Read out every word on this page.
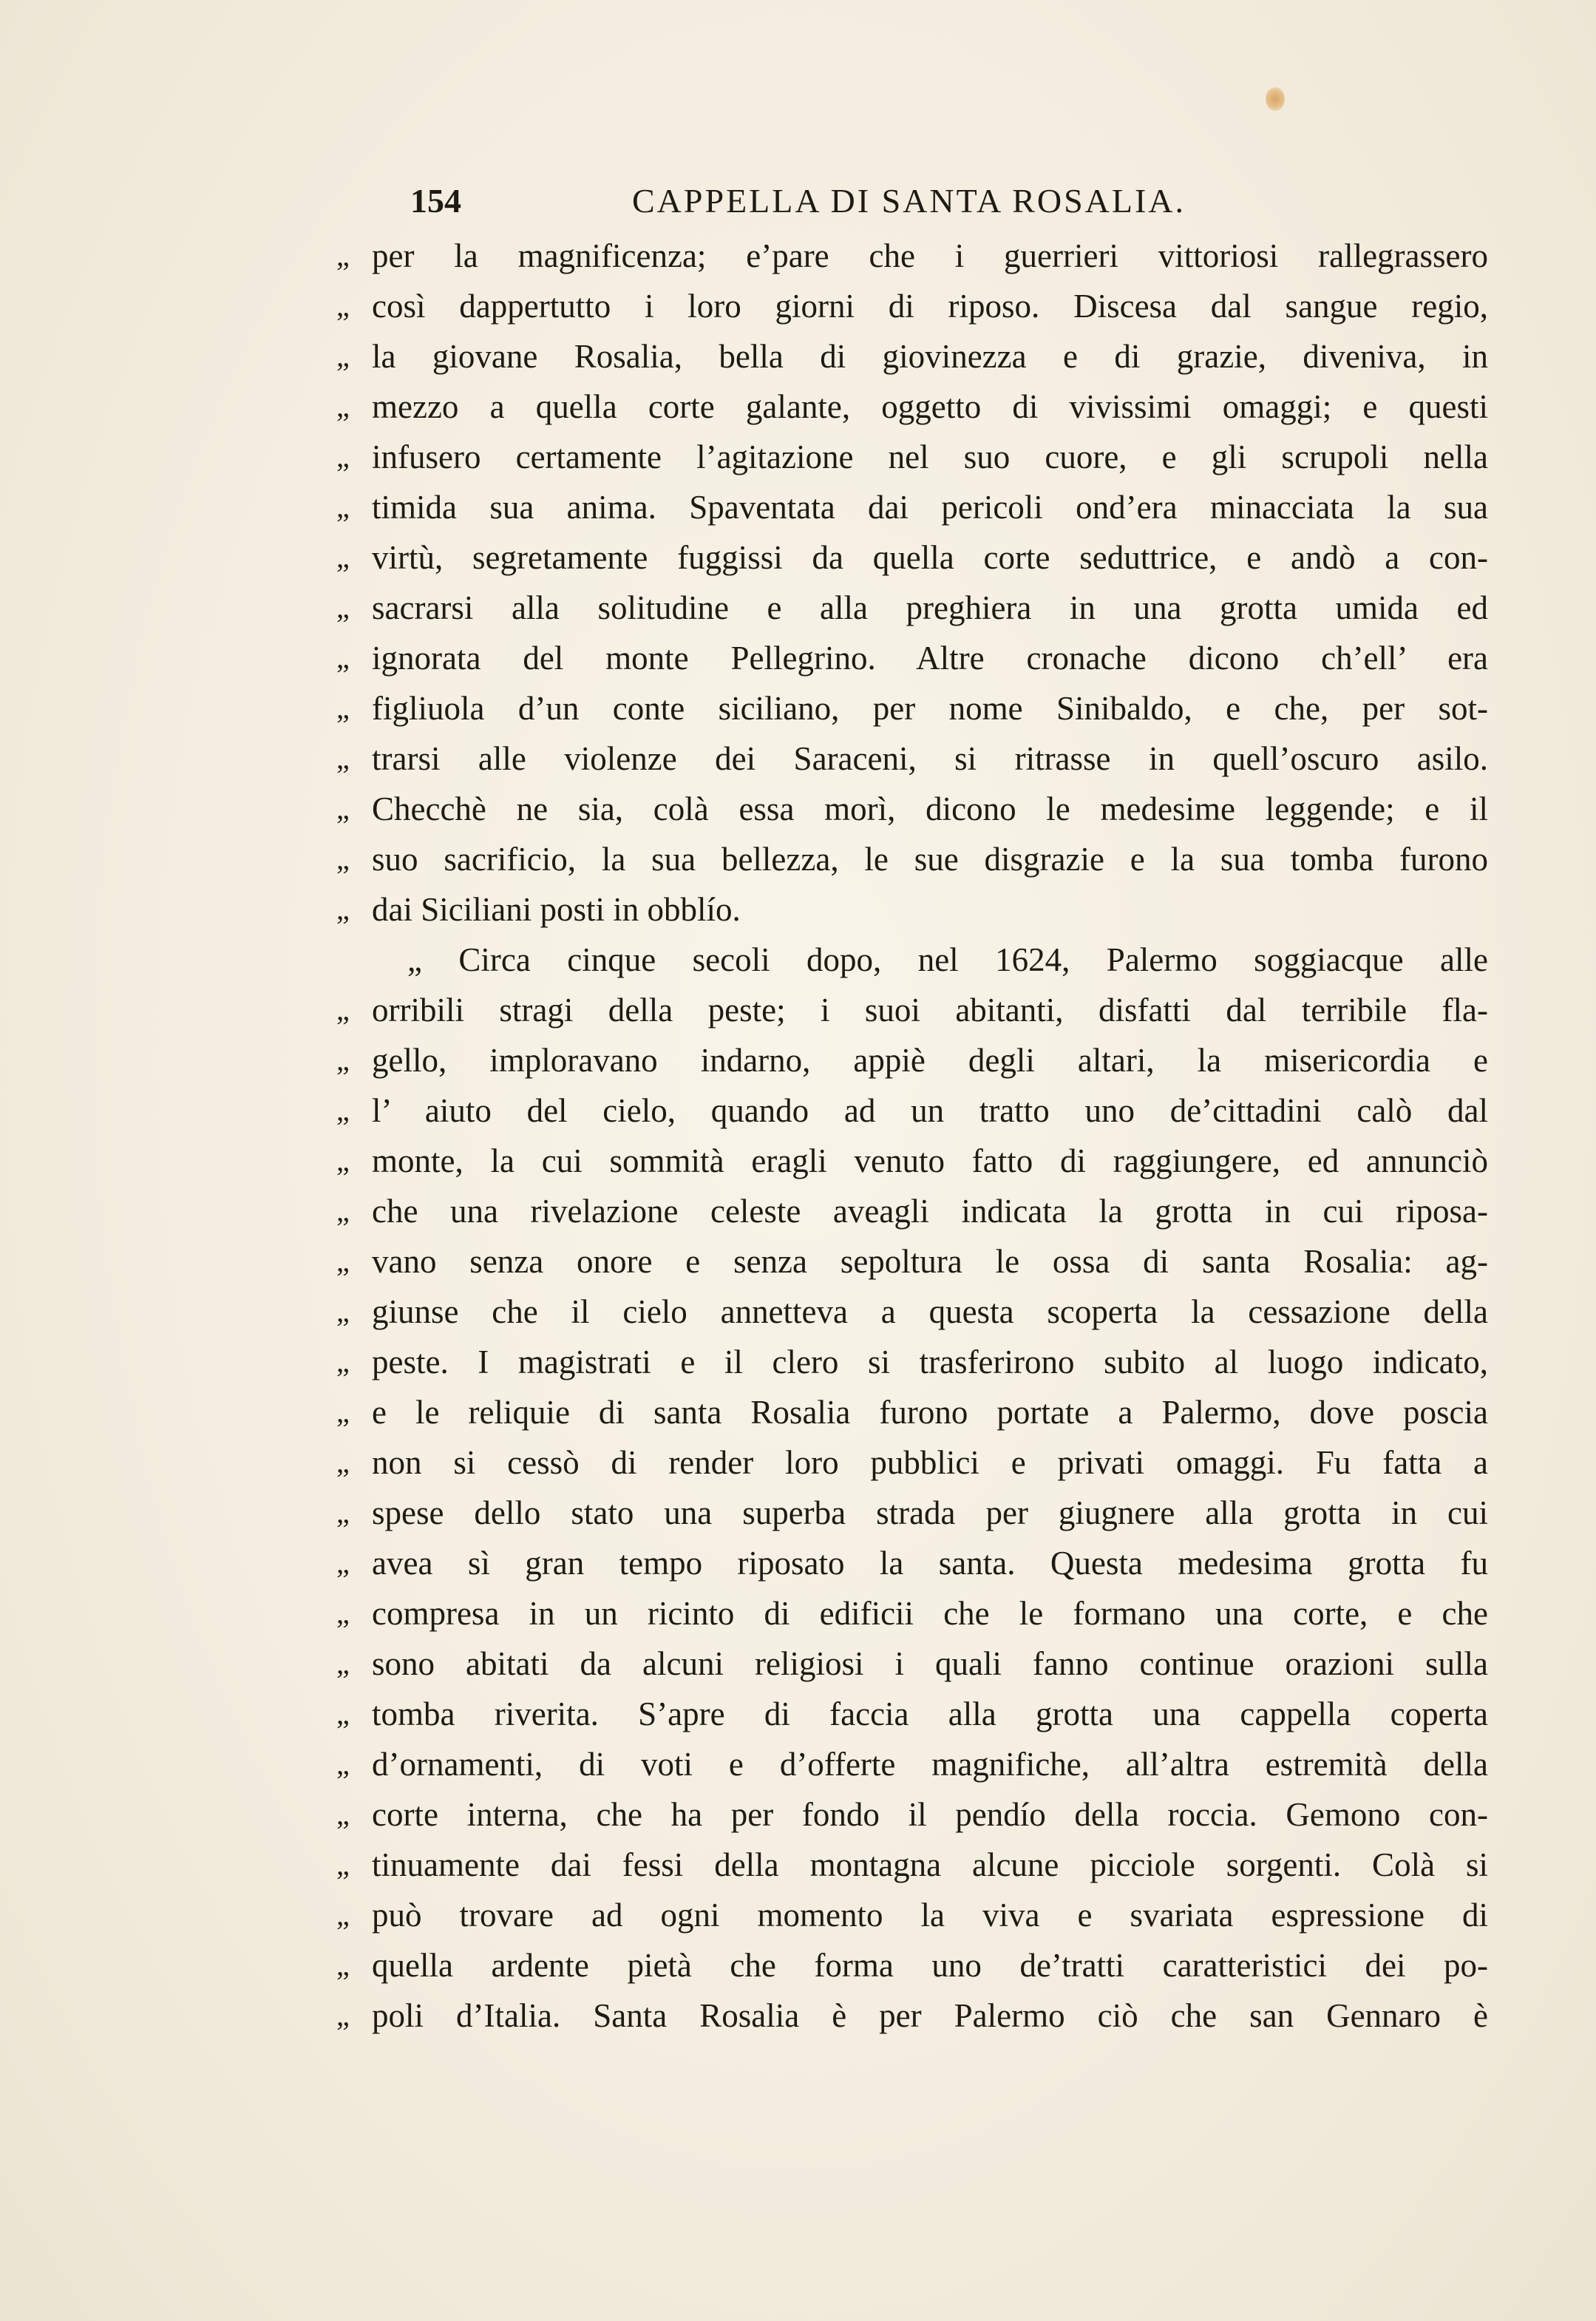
154	CAPPELLA DI SANTA ROSALIA.
„ per la magnificenza; e’pare che i guerrieri vittoriosi rallegrassero
„ così dappertutto i loro giorni di riposo. Discesa dal sangue regio,
„ la giovane Rosalia, bella di giovinezza e di grazie, diveniva, in
„ mezzo a quella corte galante, oggetto di vivissimi omaggi; e questi
„ infusero certamente l’agitazione nel suo cuore, e gli scrupoli nella
„ timida sua anima. Spaventata dai pericoli ond’era minacciata la sua
„ virtù, segretamente fuggissi da quella corte seduttrice, e andò a con-
„ sacrarsi alla solitudine e alla preghiera in una grotta umida ed
„ ignorata del monte Pellegrino. Altre cronache dicono ch’ell’ era
„ figliuola d’un conte siciliano, per nome Sinibaldo, e che, per sot-
„ trarsi alle violenze dei Saraceni, si ritrasse in quell’oscuro asilo.
„ Checchè ne sia, colà essa morì, dicono le medesime leggende; e il
„ suo sacrificio, la sua bellezza, le sue disgrazie e la sua tomba furono
„ dai Siciliani posti in obblío.
„ Circa cinque secoli dopo, nel 1624, Palermo soggiacque alle
„ orribili stragi della peste; i suoi abitanti, disfatti dal terribile fla-
„ gello, imploravano indarno, appiè degli altari, la misericordia e
„ l’ aiuto del cielo, quando ad un tratto uno de’cittadini calò dal
„ monte, la cui sommità eragli venuto fatto di raggiungere, ed annunciò
„ che una rivelazione celeste aveagli indicata la grotta in cui riposa-
„ vano senza onore e senza sepoltura le ossa di santa Rosalia: ag-
„ giunse che il cielo annetteva a questa scoperta la cessazione della
„ peste. I magistrati e il clero si trasferirono subito al luogo indicato,
„ e le reliquie di santa Rosalia furono portate a Palermo, dove poscia
„ non si cessò di render loro pubblici e privati omaggi. Fu fatta a
„ spese dello stato una superba strada per giugnere alla grotta in cui
„ avea sì gran tempo riposato la santa. Questa medesima grotta fu
„ compresa in un ricinto di edificii che le formano una corte, e che
„ sono abitati da alcuni religiosi i quali fanno continue orazioni sulla
„ tomba riverita. S’apre di faccia alla grotta una cappella coperta
„ d’ornamenti, di voti e d’offerte magnifiche, all’altra estremità della
„ corte interna, che ha per fondo il pendío della roccia. Gemono con-
„ tinuamente dai fessi della montagna alcune picciole sorgenti. Colà si
„ può trovare ad ogni momento la viva e svariata espressione di
„ quella ardente pietà che forma uno de’tratti caratteristici dei po-
„ poli d’Italia. Santa Rosalia è per Palermo ciò che san Gennaro è
